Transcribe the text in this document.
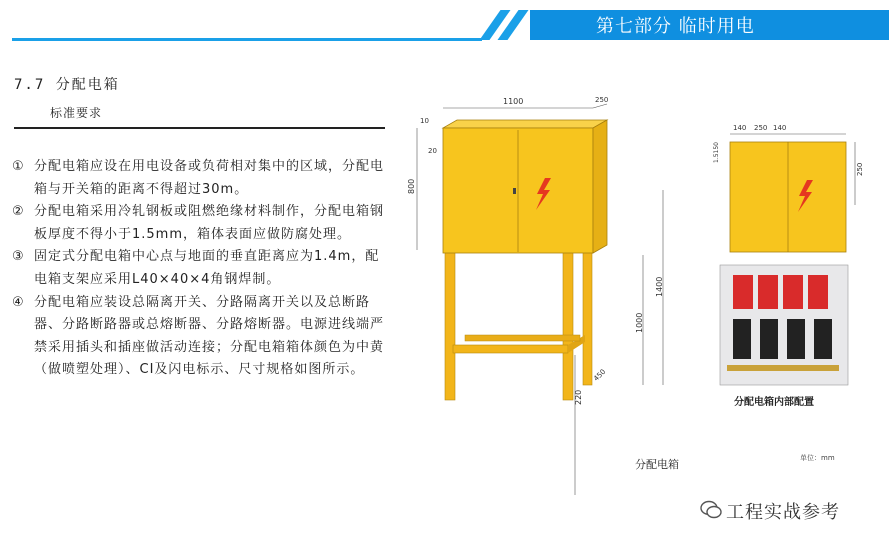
第七部分 临时用电
7.7 分配电箱
标准要求
① 分配电箱应设在用电设备或负荷相对集中的区域，分配电箱与开关箱的距离不得超过30m。
② 分配电箱采用冷轧钢板或阻燃绝缘材料制作，分配电箱钢板厚度不得小于1.5mm，箱体表面应做防腐处理。
③ 固定式分配电箱中心点与地面的垂直距离应为1.4m，配电箱支架应采用L40×40×4角钢焊制。
④ 分配电箱应装设总隔离开关、分路隔离开关以及总断路器、分路断路器或总熔断器、分路熔断器。电源进线端严禁采用插头和插座做活动连接；分配电箱箱体颜色为中黄（做喷塑处理）、CI及闪电标示、尺寸规格如图所示。
1100	250
10
20
800
1400
1000
220
450
140 250 140
250
1.5150
分配电箱
分配电箱内部配置
单位：mm
工程实战参考
